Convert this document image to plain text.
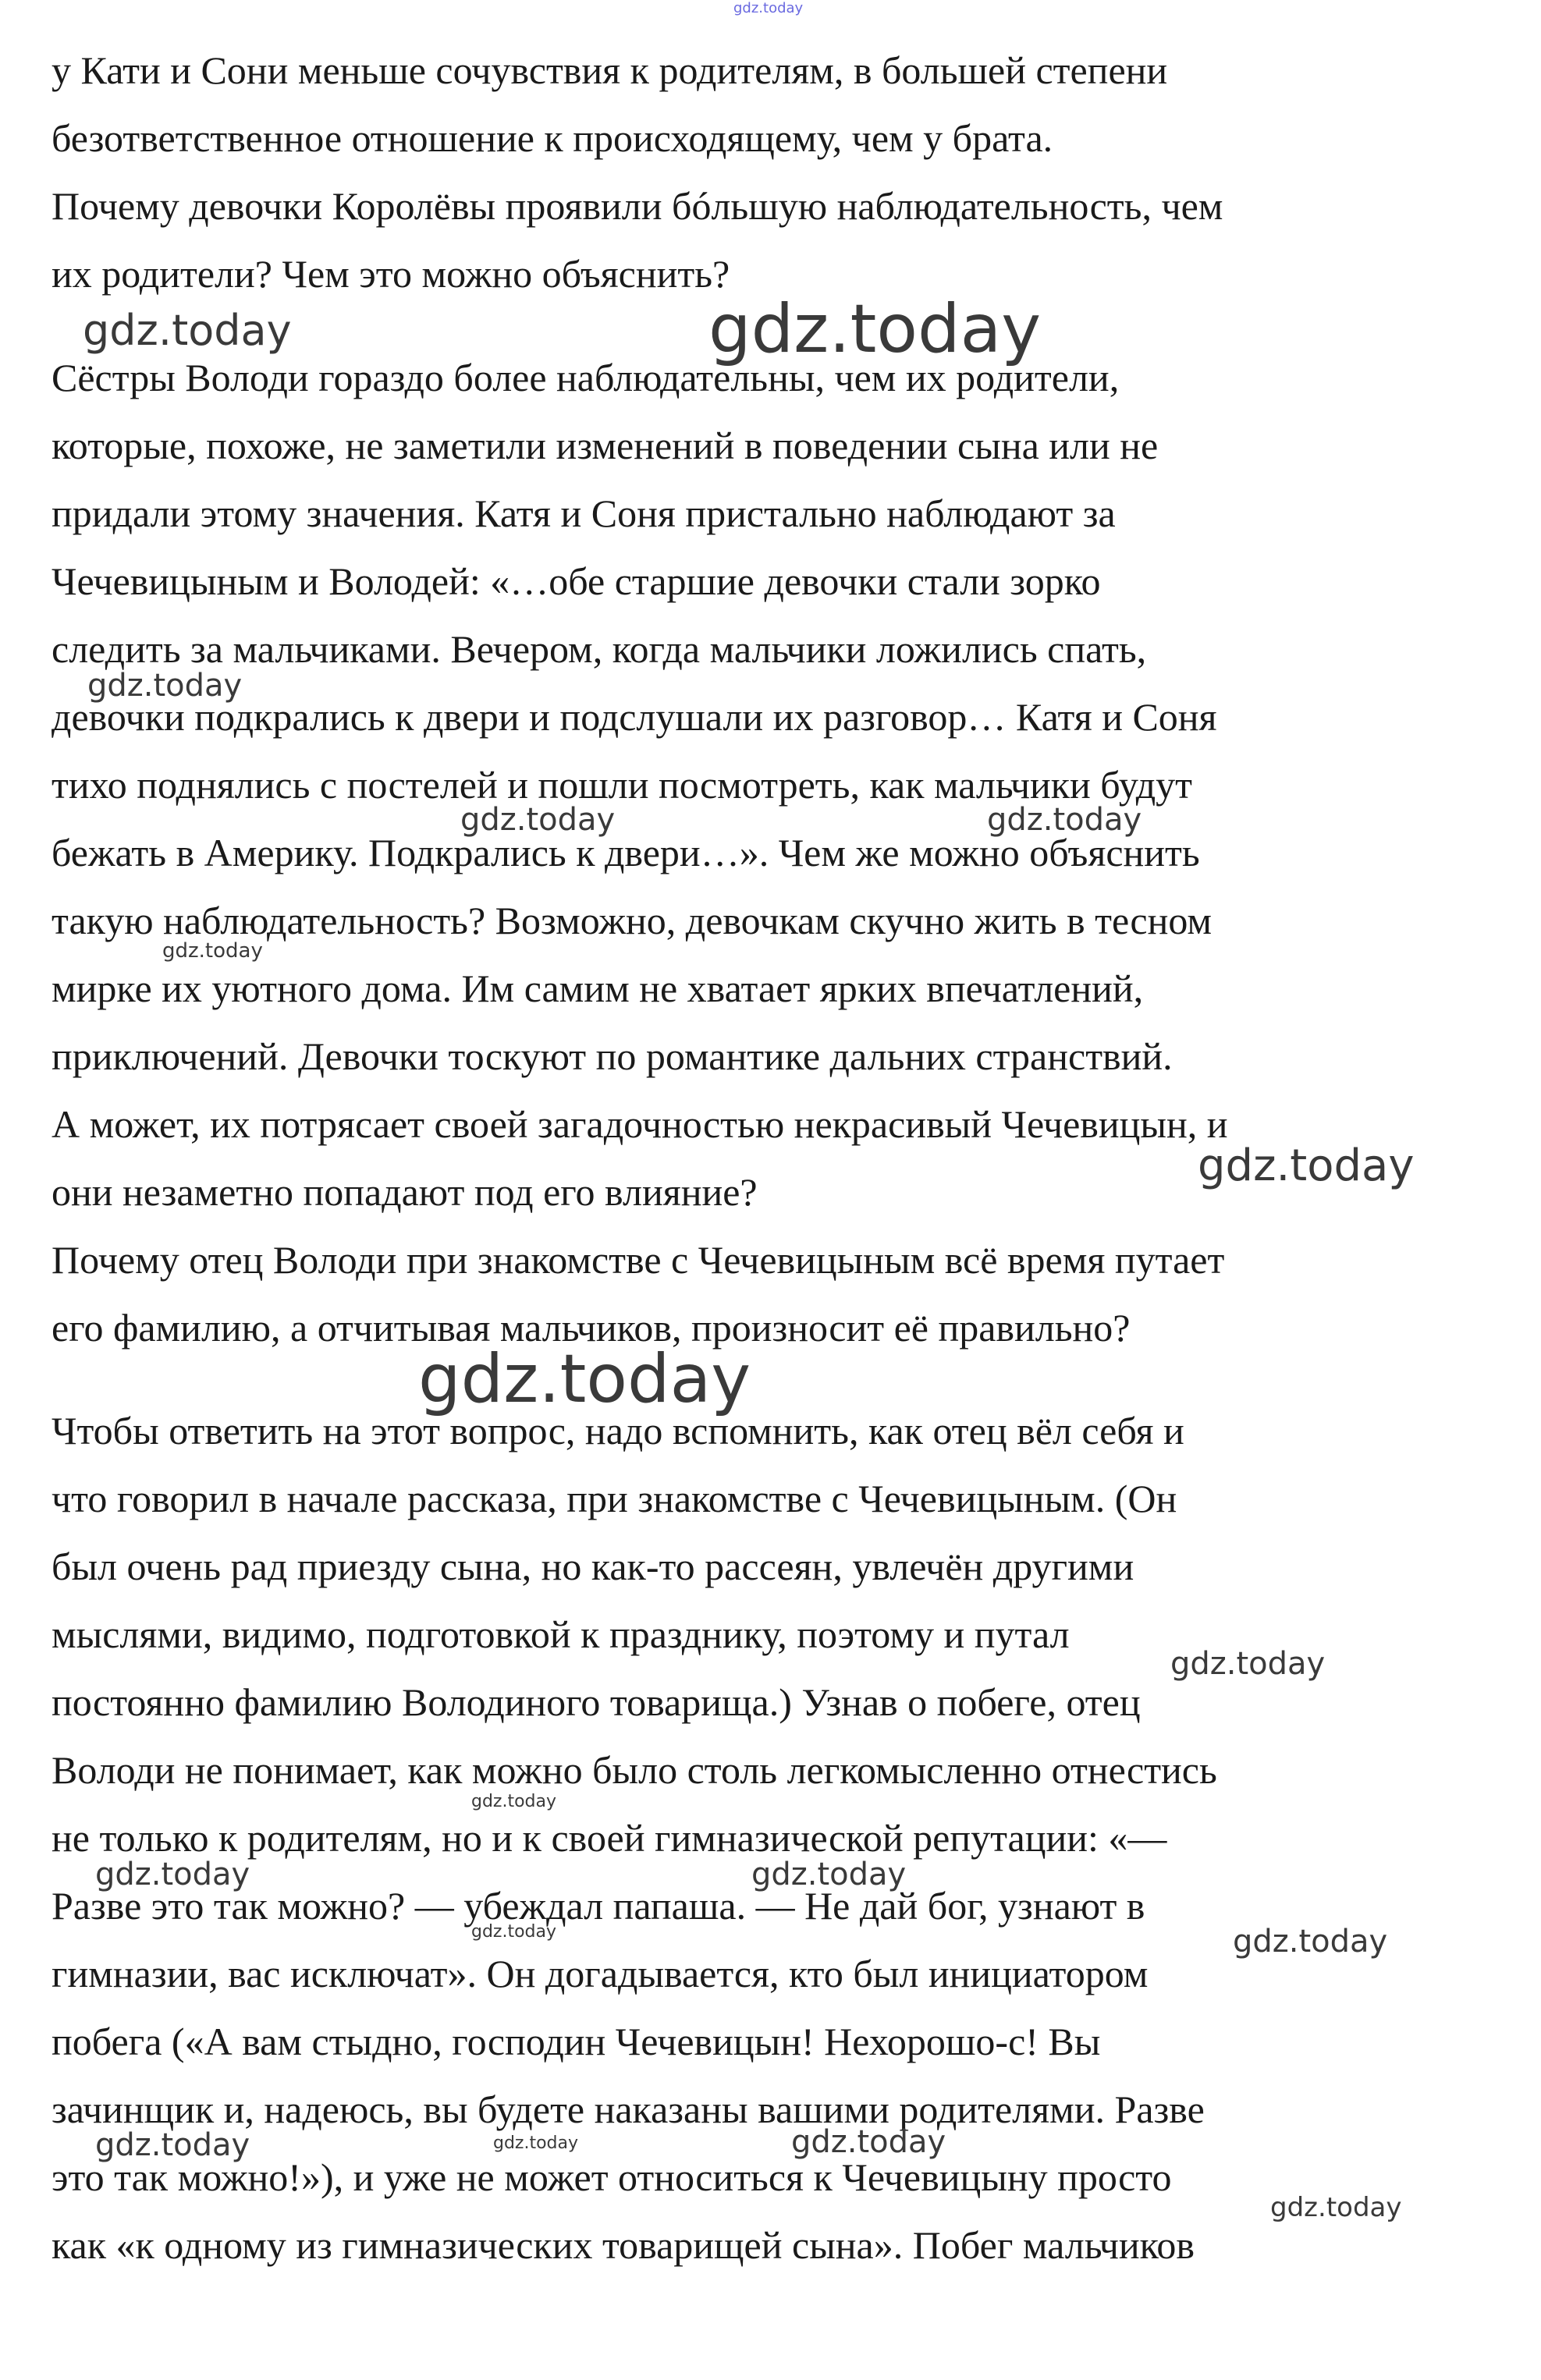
gdz.today
у Кати и Сони меньше сочувствия к родителям, в большей степени
безответственное отношение к происходящему, чем у брата.
Почему девочки Королёвы проявили бóльшую наблюдательность, чем
их родители? Чем это можно объяснить?
Сёстры Володи гораздо более наблюдательны, чем их родители,
которые, похоже, не заметили изменений в поведении сына или не
придали этому значения. Катя и Соня пристально наблюдают за
Чечевицыным и Володей: «…обе старшие девочки стали зорко
следить за мальчиками. Вечером, когда мальчики ложились спать,
девочки подкрались к двери и подслушали их разговор… Катя и Соня
тихо поднялись с постелей и пошли посмотреть, как мальчики будут
бежать в Америку. Подкрались к двери…». Чем же можно объяснить
такую наблюдательность? Возможно, девочкам скучно жить в тесном
мирке их уютного дома. Им самим не хватает ярких впечатлений,
приключений. Девочки тоскуют по романтике дальних странствий.
А может, их потрясает своей загадочностью некрасивый Чечевицын, и
они незаметно попадают под его влияние?
Почему отец Володи при знакомстве с Чечевицыным всё время путает
его фамилию, а отчитывая мальчиков, произносит её правильно?
Чтобы ответить на этот вопрос, надо вспомнить, как отец вёл себя и
что говорил в начале рассказа, при знакомстве с Чечевицыным. (Он
был очень рад приезду сына, но как-то рассеян, увлечён другими
мыслями, видимо, подготовкой к празднику, поэтому и путал
постоянно фамилию Володиного товарища.) Узнав о побеге, отец
Володи не понимает, как можно было столь легкомысленно отнестись
не только к родителям, но и к своей гимназической репутации: «—
Разве это так можно? — убеждал папаша. — Не дай бог, узнают в
гимназии, вас исключат». Он догадывается, кто был инициатором
побега («А вам стыдно, господин Чечевицын! Нехорошо-с! Вы
зачинщик и, надеюсь, вы будете наказаны вашими родителями. Разве
это так можно!»), и уже не может относиться к Чечевицыну просто
как «к одному из гимназических товарищей сына». Побег мальчиков
gdz.today	gdz.today
gdz.today
gdz.today	gdz.today
gdz.today
gdz.today
gdz.today
gdz.today
gdz.today
gdz.today	gdz.today
gdz.today	gdz.today
gdz.today	gdz.today	gdz.today
gdz.today
